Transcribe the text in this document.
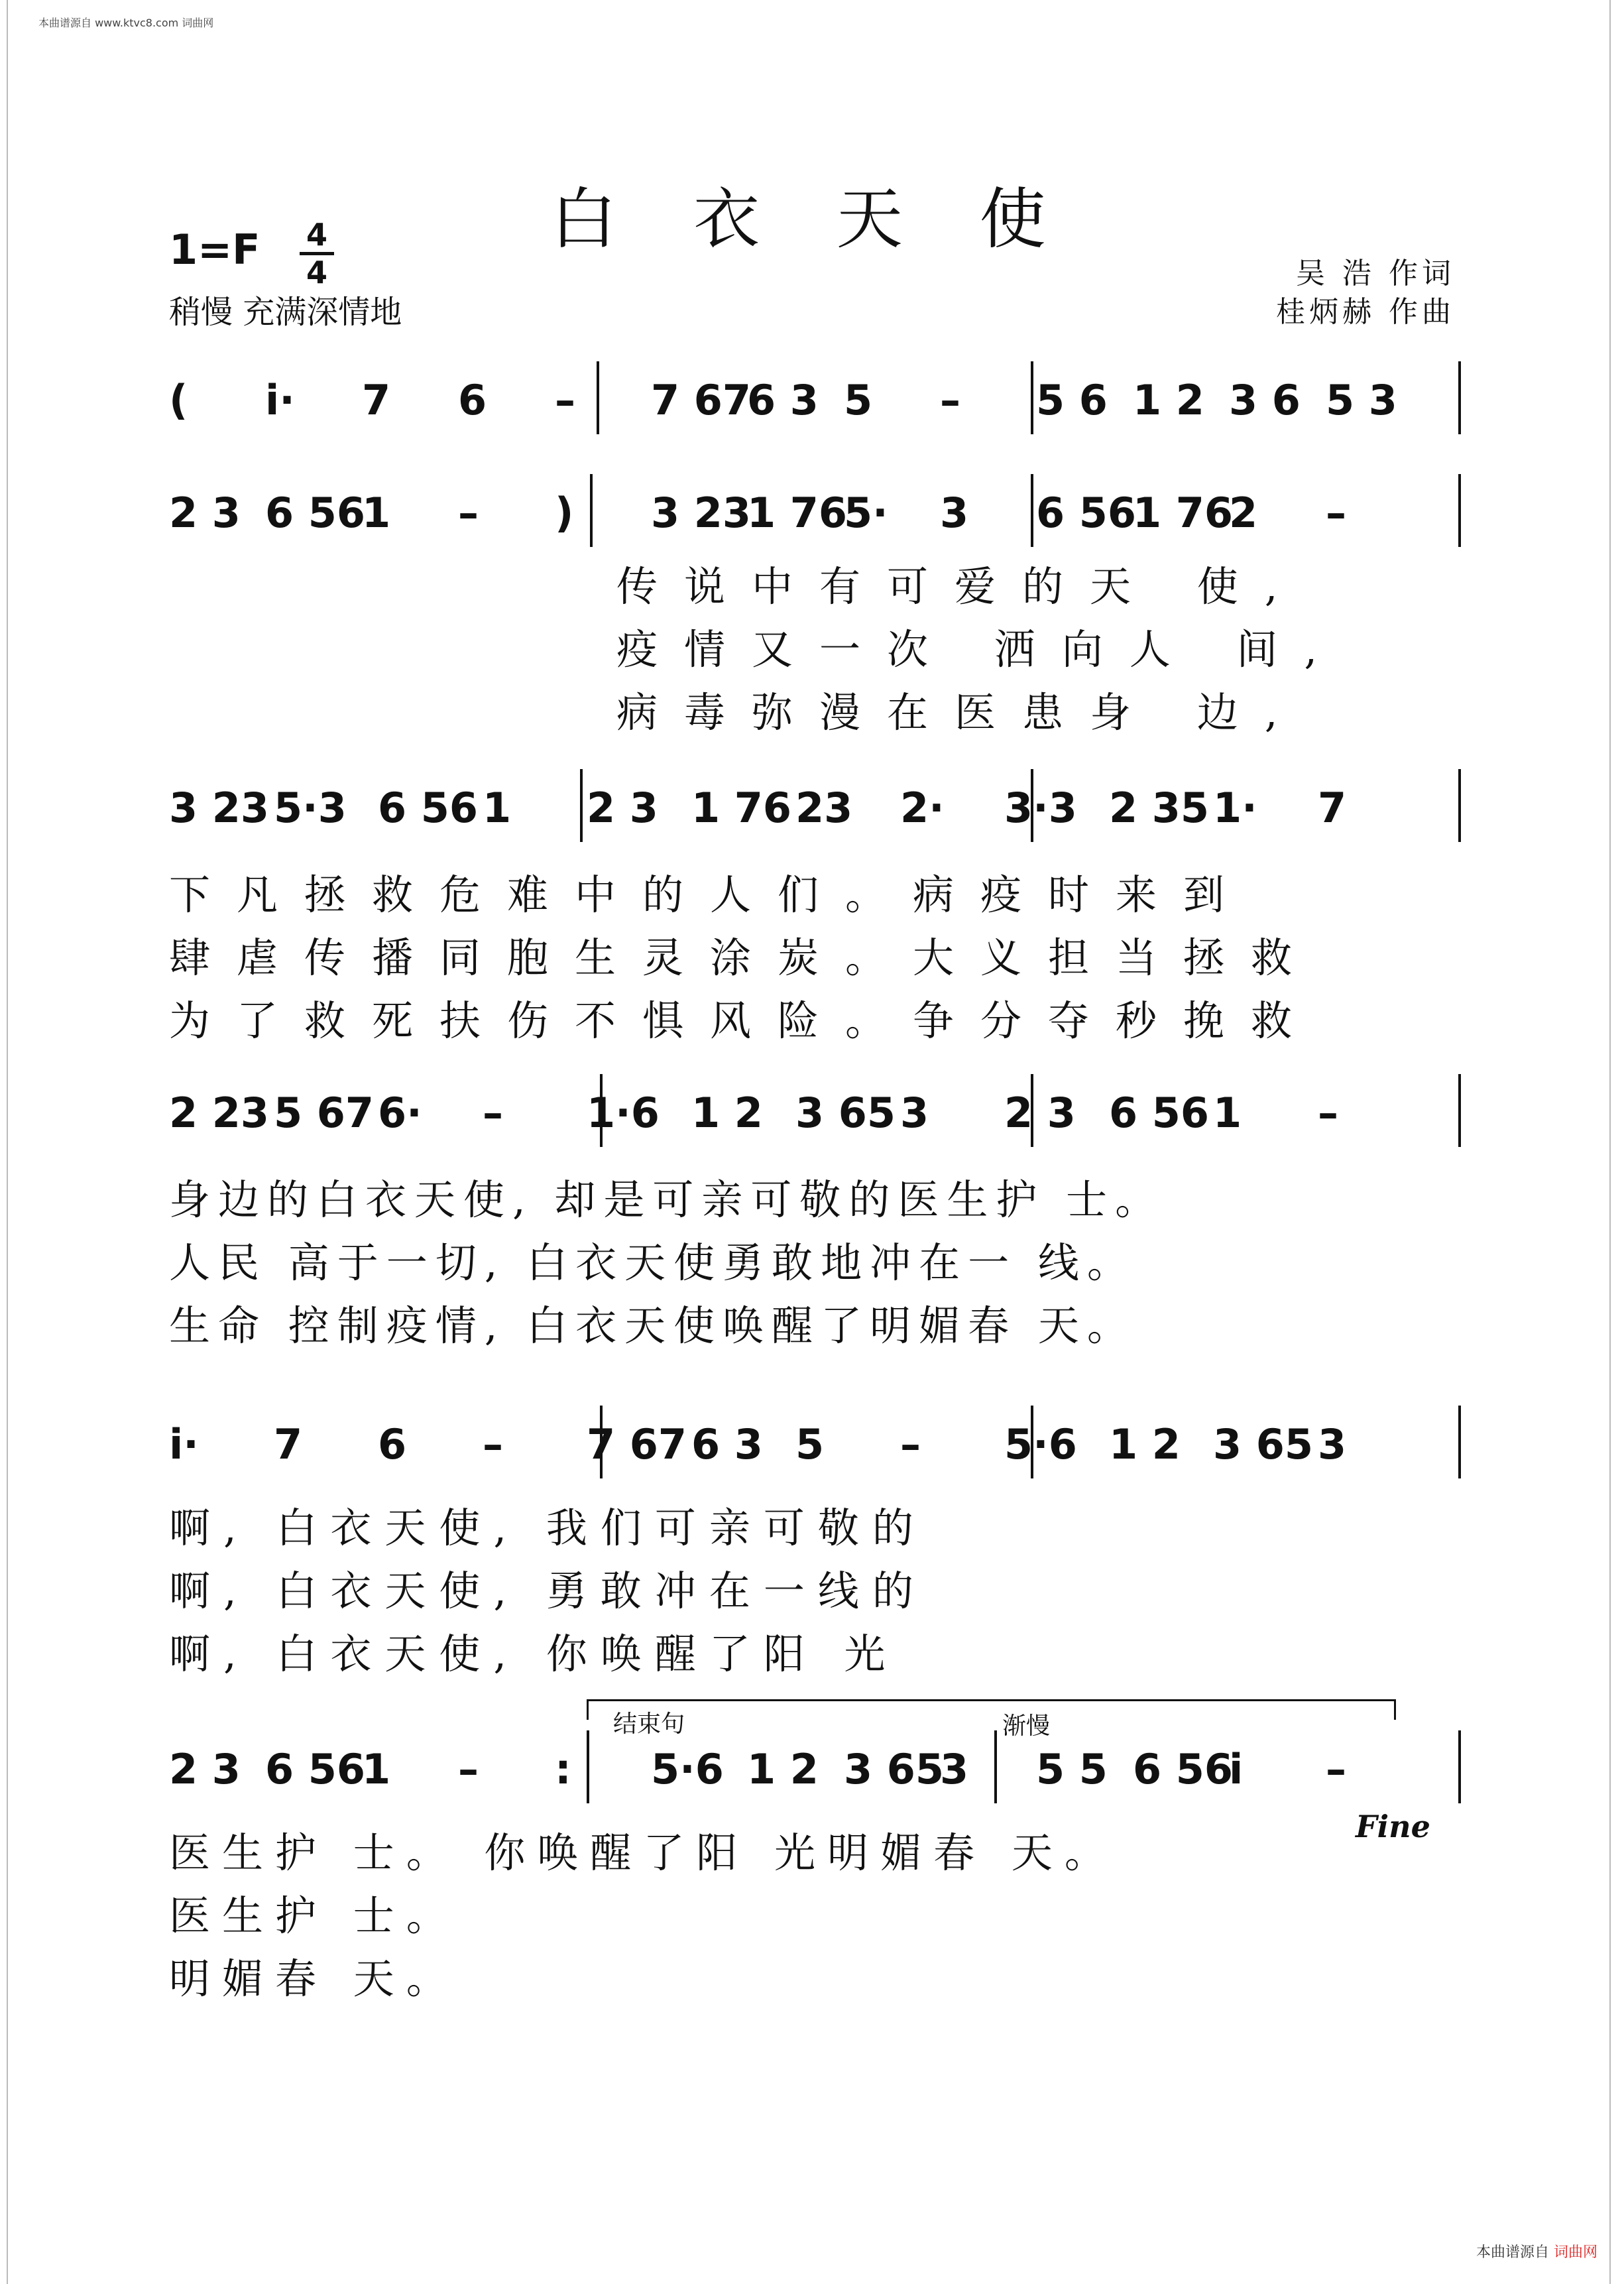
本曲谱源自 www.ktvc8.com 词曲网
本曲谱源自 词曲网
白 衣 天 使
1=F 4
4
稍慢 充满深情地
吴 浩 作词
桂炳赫 作曲
( i· 7 6 – 7 67
6 3 5 – 5 6 1 2 3 6 5 3
2 3 6 56
1 – ) 3 23
1 76
5· 3 6 56
1 76
2 –
3 23 5·3 6 56 1 2 3 1 76 23 2· 3·3 2 35 1· 7
2 23 5 67 6· – 1·6 1 2 3 65 3 2 3 6 56 1 –
i· 7 6 – 7 67 6 3 5 – 5·6 1 2 3 65 3
2 3 6 56
1 – : 5·6 1 2 3 65
3 5 5 6 56
i –
传说中有可爱的天 使,
疫情又一次 洒向人 间,
病毒弥漫在医患身 边,
下凡拯救危难中的人们。病疫时来到
肆虐传播同胞生灵涂炭。大义担当拯救
为了救死扶伤不惧风险。争分夺秒挽救
身边的白衣天使, 却是可亲可敬的医生护 士。
人民 高于一切, 白衣天使勇敢地冲在一 线。
生命 控制疫情, 白衣天使唤醒了明媚春 天。
啊, 白衣天使, 我们可亲可敬的
啊, 白衣天使, 勇敢冲在一线的
啊, 白衣天使, 你唤醒了阳 光
医生护 士。 你唤醒了阳 光明媚春 天。
医生护 士。
明媚春 天。
结束句	渐慢
Fine
